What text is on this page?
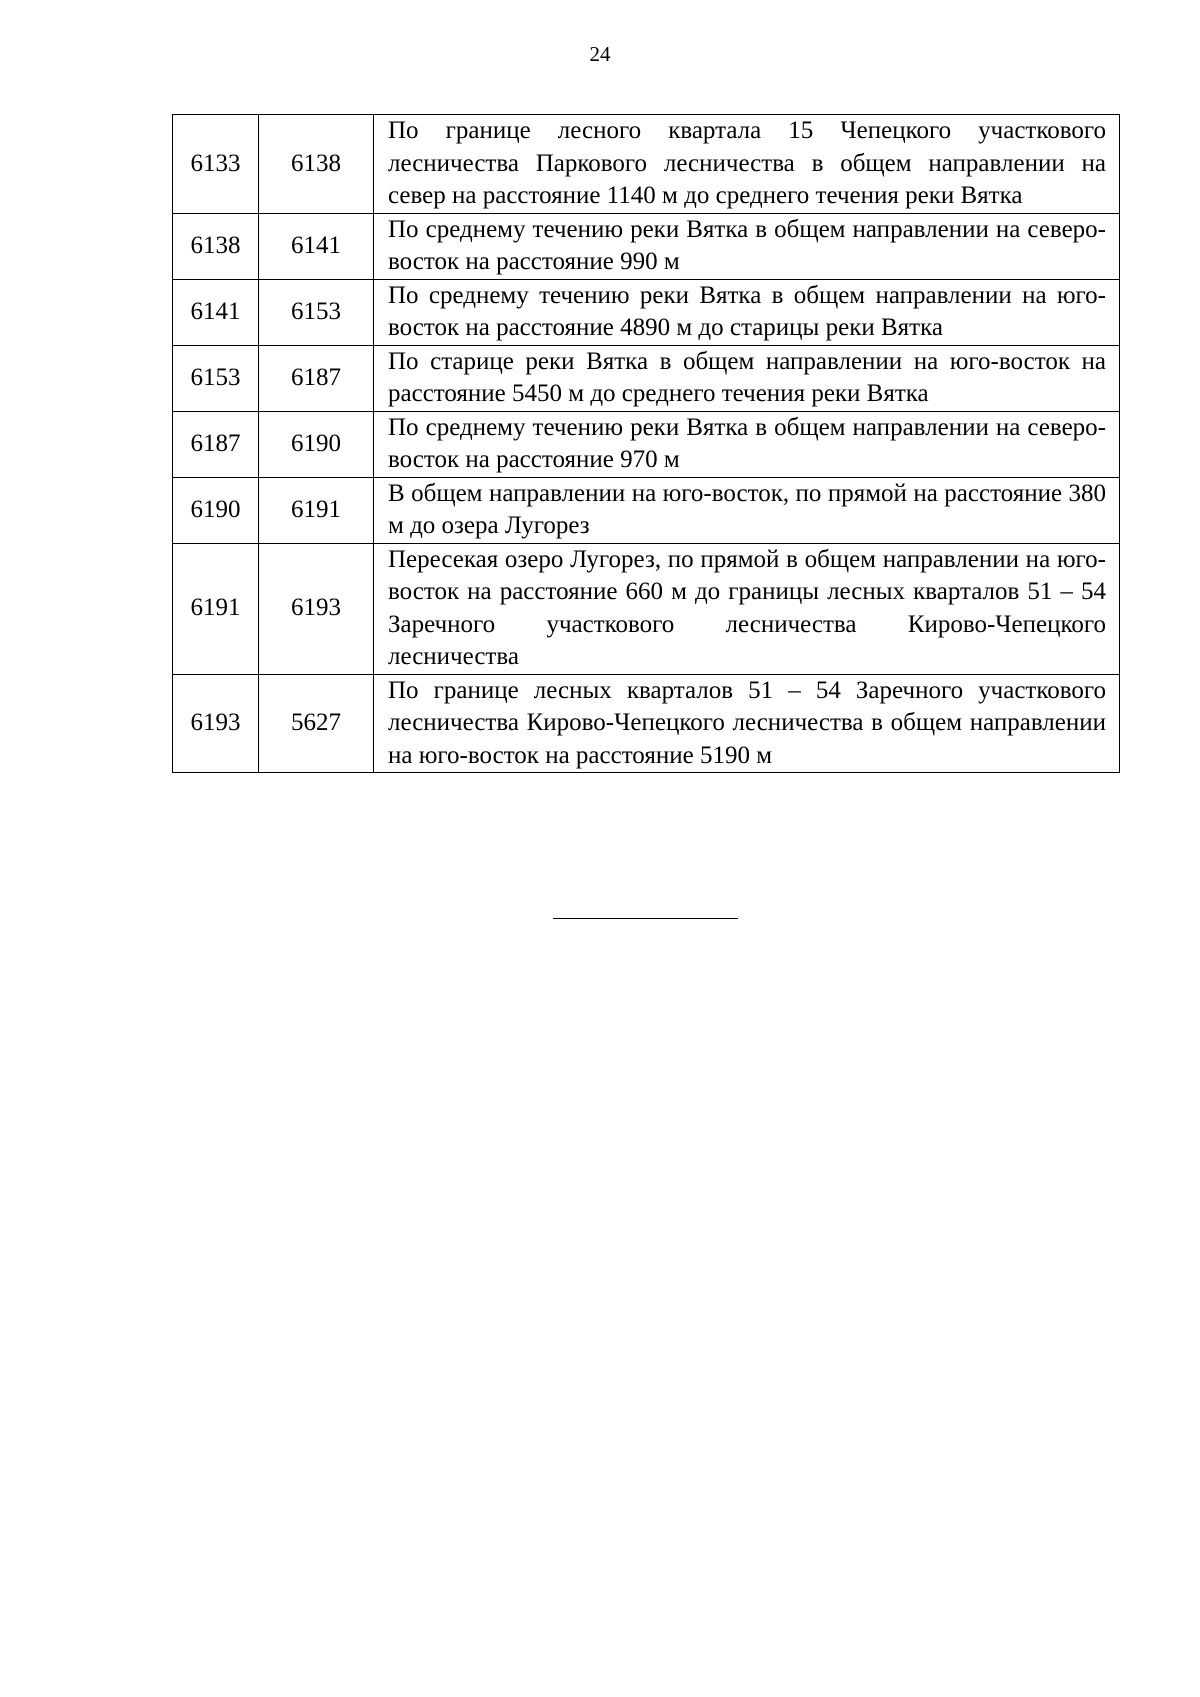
24
6133	6138	По границе лесного квартала 15 Чепецкого участкового лесничества Паркового лесничества в общем направлении на север на расстояние 1140 м до среднего течения реки Вятка
6138	6141	По среднему течению реки Вятка в общем направлении на северо-восток на расстояние 990 м
6141	6153	По среднему течению реки Вятка в общем направлении на юго-восток на расстояние 4890 м до старицы реки Вятка
6153	6187	По старице реки Вятка в общем направлении на юго-восток на расстояние 5450 м до среднего течения реки Вятка
6187	6190	По среднему течению реки Вятка в общем направлении на северо-восток на расстояние 970 м
6190	6191	В общем направлении на юго-восток, по прямой на расстояние 380 м до озера Лугорез
6191	6193	Пересекая озеро Лугорез, по прямой в общем направлении на юго-восток на расстояние 660 м до границы лесных кварталов 51 – 54 Заречного участкового лесничества Кирово-Чепецкого лесничества
6193	5627	По границе лесных кварталов 51 – 54 Заречного участкового лесничества Кирово-Чепецкого лесничества в общем направлении на юго-восток на расстояние 5190 м
